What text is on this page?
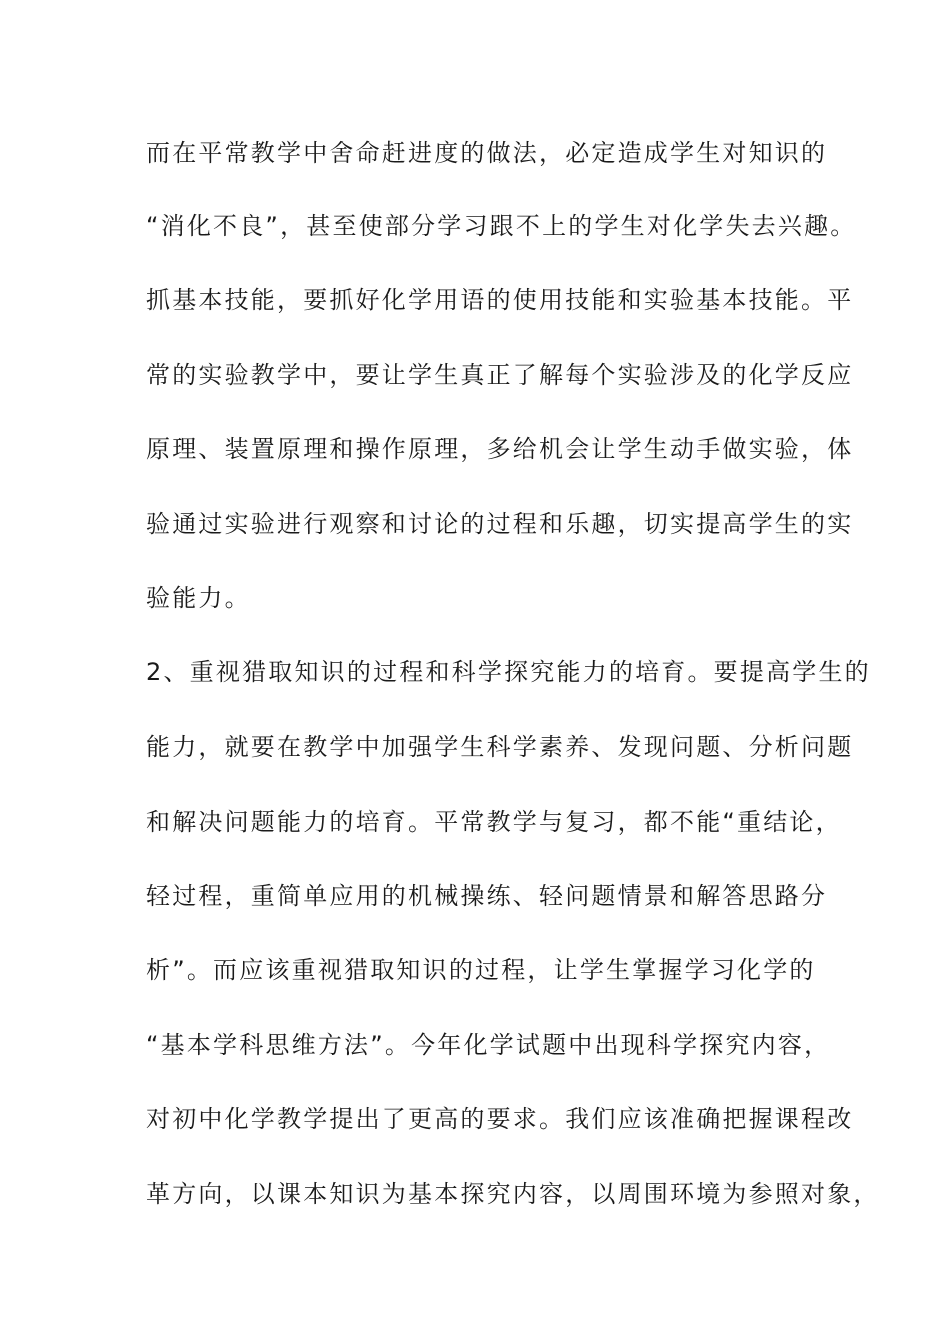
而在平常教学中舍命赶进度的做法，必定造成学生对知识的
“消化不良”，甚至使部分学习跟不上的学生对化学失去兴趣。
抓基本技能，要抓好化学用语的使用技能和实验基本技能。平
常的实验教学中，要让学生真正了解每个实验涉及的化学反应
原理、装置原理和操作原理，多给机会让学生动手做实验，体
验通过实验进行观察和讨论的过程和乐趣，切实提高学生的实
验能力。
2、重视猎取知识的过程和科学探究能力的培育。要提高学生的
能力，就要在教学中加强学生科学素养、发现问题、分析问题
和解决问题能力的培育。平常教学与复习，都不能“重结论，
轻过程，重简单应用的机械操练、轻问题情景和解答思路分
析”。而应该重视猎取知识的过程，让学生掌握学习化学的
“基本学科思维方法”。今年化学试题中出现科学探究内容，
对初中化学教学提出了更高的要求。我们应该准确把握课程改
革方向，以课本知识为基本探究内容，以周围环境为参照对象，
